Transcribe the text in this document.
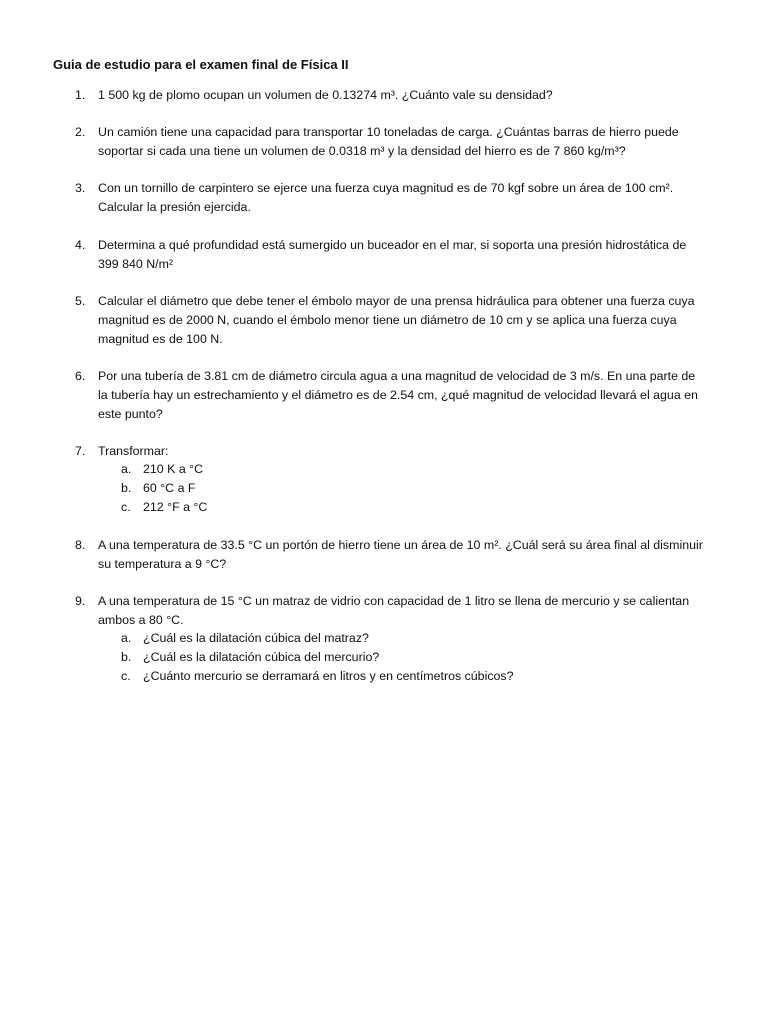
Guia de estudio para el examen final de Física II
1. 1 500 kg de plomo ocupan un volumen de 0.13274 m³. ¿Cuánto vale su densidad?
2. Un camión tiene una capacidad para transportar 10 toneladas de carga. ¿Cuántas barras de hierro puede
soportar si cada una tiene un volumen de 0.0318 m³ y la densidad del hierro es de 7 860 kg/m³?
3. Con un tornillo de carpintero se ejerce una fuerza cuya magnitud es de 70 kgf sobre un área de 100 cm².
Calcular la presión ejercida.
4. Determina a qué profundidad está sumergido un buceador en el mar, si soporta una presión hidrostática de
399 840 N/m²
5. Calcular el diámetro que debe tener el émbolo mayor de una prensa hidráulica para obtener una fuerza cuya
magnitud es de 2000 N, cuando el émbolo menor tiene un diámetro de 10 cm y se aplica una fuerza cuya
magnitud es de 100 N.
6. Por una tubería de 3.81 cm de diámetro circula agua a una magnitud de velocidad de 3 m/s. En una parte de
la tubería hay un estrechamiento y el diámetro es de 2.54 cm, ¿qué magnitud de velocidad llevará el agua en
este punto?
7. Transformar:
a. 210 K a °C
b. 60 °C a F
c. 212 °F a °C
8. A una temperatura de 33.5 °C un portón de hierro tiene un área de 10 m². ¿Cuál será su área final al disminuir
su temperatura a 9 °C?
9. A una temperatura de 15 °C un matraz de vidrio con capacidad de 1 litro se llena de mercurio y se calientan
ambos a 80 °C.
a. ¿Cuál es la dilatación cúbica del matraz?
b. ¿Cuál es la dilatación cúbica del mercurio?
c. ¿Cuánto mercurio se derramará en litros y en centímetros cúbicos?
